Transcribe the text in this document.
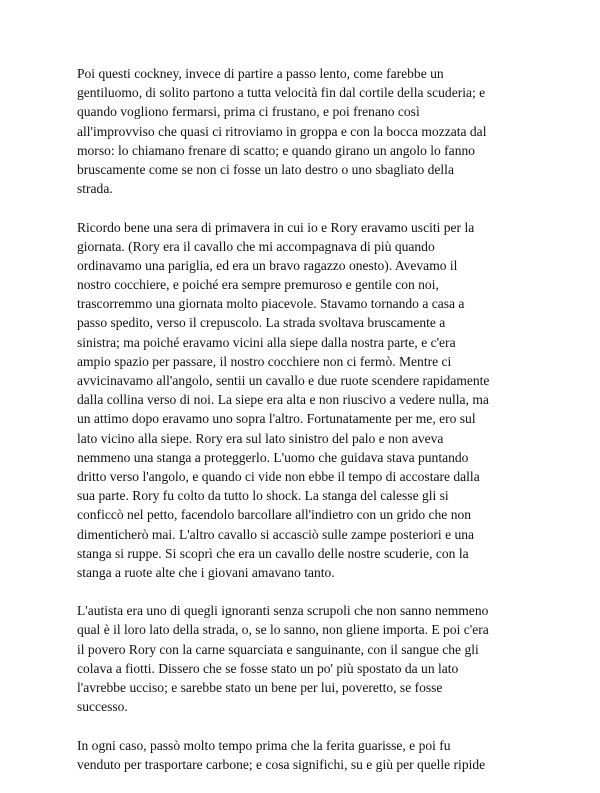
Poi questi cockney, invece di partire a passo lento, come farebbe un
gentiluomo, di solito partono a tutta velocità fin dal cortile della scuderia; e
quando vogliono fermarsi, prima ci frustano, e poi frenano così
all'improvviso che quasi ci ritroviamo in groppa e con la bocca mozzata dal
morso: lo chiamano frenare di scatto; e quando girano un angolo lo fanno
bruscamente come se non ci fosse un lato destro o uno sbagliato della
strada.

Ricordo bene una sera di primavera in cui io e Rory eravamo usciti per la
giornata. (Rory era il cavallo che mi accompagnava di più quando
ordinavamo una pariglia, ed era un bravo ragazzo onesto). Avevamo il
nostro cocchiere, e poiché era sempre premuroso e gentile con noi,
trascorremmo una giornata molto piacevole. Stavamo tornando a casa a
passo spedito, verso il crepuscolo. La strada svoltava bruscamente a
sinistra; ma poiché eravamo vicini alla siepe dalla nostra parte, e c'era
ampio spazio per passare, il nostro cocchiere non ci fermò. Mentre ci
avvicinavamo all'angolo, sentii un cavallo e due ruote scendere rapidamente
dalla collina verso di noi. La siepe era alta e non riuscivo a vedere nulla, ma
un attimo dopo eravamo uno sopra l'altro. Fortunatamente per me, ero sul
lato vicino alla siepe. Rory era sul lato sinistro del palo e non aveva
nemmeno una stanga a proteggerlo. L'uomo che guidava stava puntando
dritto verso l'angolo, e quando ci vide non ebbe il tempo di accostare dalla
sua parte. Rory fu colto da tutto lo shock. La stanga del calesse gli si
conficcò nel petto, facendolo barcollare all'indietro con un grido che non
dimenticherò mai. L'altro cavallo si accasciò sulle zampe posteriori e una
stanga si ruppe. Si scoprì che era un cavallo delle nostre scuderie, con la
stanga a ruote alte che i giovani amavano tanto.

L'autista era uno di quegli ignoranti senza scrupoli che non sanno nemmeno
qual è il loro lato della strada, o, se lo sanno, non gliene importa. E poi c'era
il povero Rory con la carne squarciata e sanguinante, con il sangue che gli
colava a fiotti. Dissero che se fosse stato un po' più spostato da un lato
l'avrebbe ucciso; e sarebbe stato un bene per lui, poveretto, se fosse
successo.

In ogni caso, passò molto tempo prima che la ferita guarisse, e poi fu
venduto per trasportare carbone; e cosa significhi, su e giù per quelle ripide
